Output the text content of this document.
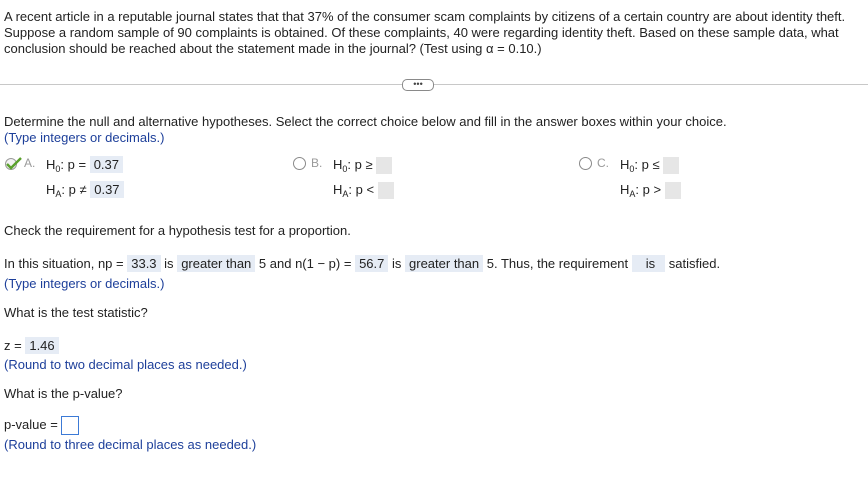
A recent article in a reputable journal states that that 37% of the consumer scam complaints by citizens of a certain country are about identity theft.
Suppose a random sample of 90 complaints is obtained. Of these complaints, 40 were regarding identity theft. Based on these sample data, what
conclusion should be reached about the statement made in the journal? (Test using α = 0.10.)
•••
Determine the null and alternative hypotheses. Select the correct choice below and fill in the answer boxes within your choice.
(Type integers or decimals.)
A. $H_0$: p = 0.37
$H_A$: p ≠ 0.37
B. $H_0$: p ≥
$H_A$: p <
C. $H_0$: p ≤
$H_A$: p >
Check the requirement for a hypothesis test for a proportion.
In this situation, np = 33.3 is greater than 5 and n(1 − p) = 56.7 is greater than 5. Thus, the requirement is satisfied.
(Type integers or decimals.)
What is the test statistic?
z = 1.46
(Round to two decimal places as needed.)
What is the p-value?
p-value =
(Round to three decimal places as needed.)
